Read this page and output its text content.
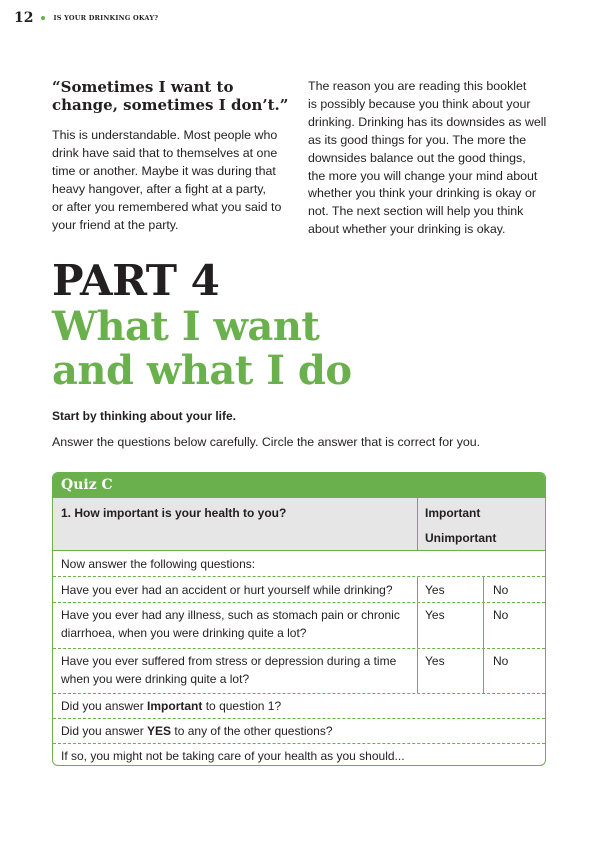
12	IS YOUR DRINKING OKAY?

“Sometimes I want to
change, sometimes I don’t.”

This is understandable. Most people who
drink have said that to themselves at one
time or another. Maybe it was during that
heavy hangover, after a fight at a party,
or after you remembered what you said to
your friend at the party.

The reason you are reading this booklet
is possibly because you think about your
drinking. Drinking has its downsides as well
as its good things for you. The more the
downsides balance out the good things,
the more you will change your mind about
whether you think your drinking is okay or
not. The next section will help you think
about whether your drinking is okay.

PART 4
What I want
and what I do
Start by thinking about your life.
Answer the questions below carefully. Circle the answer that is correct for you.
Quiz C
1. How important is your health to you?	Important
Unimportant
Now answer the following questions:
Have you ever had an accident or hurt yourself while drinking?	Yes	No
Have you ever had any illness, such as stomach pain or chronic
diarrhoea, when you were drinking quite a lot?
Yes	No
Have you ever suffered from stress or depression during a time
when you were drinking quite a lot?
Yes	No
Did you answer Important to question 1?
Did you answer YES to any of the other questions?
If so, you might not be taking care of your health as you should...
